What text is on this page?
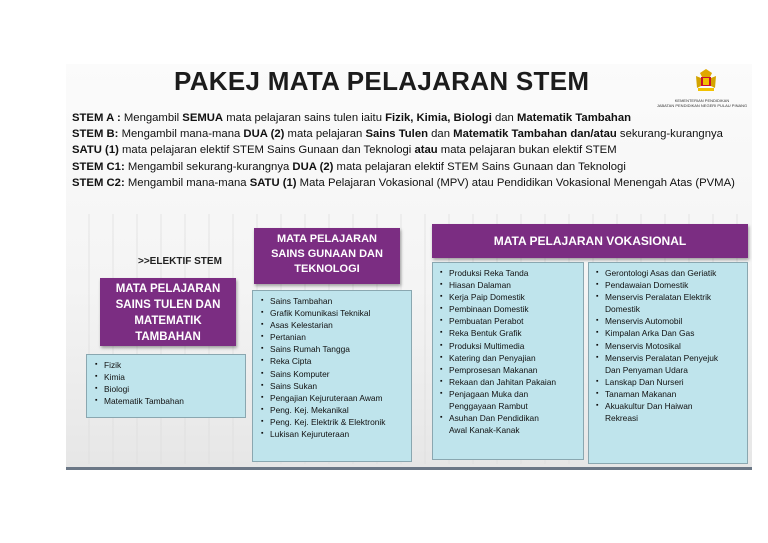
PAKEJ MATA PELAJARAN STEM
KEMENTERIAN PENDIDIKAN
JABATAN PENDIDIKAN NEGERI PULAU PINANG

STEM A : Mengambil SEMUA mata pelajaran sains tulen iaitu Fizik, Kimia, Biologi dan Matematik Tambahan

STEM B: Mengambil mana-mana DUA (2) mata pelajaran Sains Tulen dan Matematik Tambahan dan/atau sekurang-kurangnya SATU (1) mata pelajaran elektif STEM Sains Gunaan dan Teknologi atau mata pelajaran bukan elektif STEM

STEM C1: Mengambil sekurang-kurangnya DUA (2) mata pelajaran elektif STEM Sains Gunaan dan Teknologi

STEM C2: Mengambil mana-mana SATU (1) Mata Pelajaran Vokasional (MPV) atau Pendidikan Vokasional Menengah Atas (PVMA)

>>ELEKTIF STEM
MATA PELAJARAN SAINS TULEN DAN MATEMATIK TAMBAHAN
▪ Fizik
▪ Kimia
▪ Biologi
▪ Matematik Tambahan
MATA PELAJARAN SAINS GUNAAN DAN TEKNOLOGI
▪ Sains Tambahan
▪ Grafik Komunikasi Teknikal
▪ Asas Kelestarian
▪ Pertanian
▪ Sains Rumah Tangga
▪ Reka Cipta
▪ Sains Komputer
▪ Sains Sukan
▪ Pengajian Kejuruteraan Awam
▪ Peng. Kej. Mekanikal
▪ Peng. Kej. Elektrik & Elektronik
▪ Lukisan Kejuruteraan
MATA PELAJARAN VOKASIONAL
▪ Produksi Reka Tanda
▪ Hiasan Dalaman
▪ Kerja Paip Domestik
▪ Pembinaan Domestik
▪ Pembuatan Perabot
▪ Reka Bentuk Grafik
▪ Produksi Multimedia
▪ Katering dan Penyajian
▪ Pemprosesan Makanan
▪ Rekaan dan Jahitan Pakaian
▪ Penjagaan Muka dan
Penggayaan Rambut
▪ Asuhan Dan Pendidikan
Awal Kanak-Kanak
▪ Gerontologi Asas dan Geriatik
▪ Pendawaian Domestik
▪ Menservis Peralatan Elektrik
Domestik
▪ Menservis Automobil
▪ Kimpalan Arka Dan Gas
▪ Menservis Motosikal
▪ Menservis Peralatan Penyejuk
Dan Penyaman Udara
▪ Lanskap Dan Nurseri
▪ Tanaman Makanan
▪ Akuakultur Dan Haiwan
Rekreasi
